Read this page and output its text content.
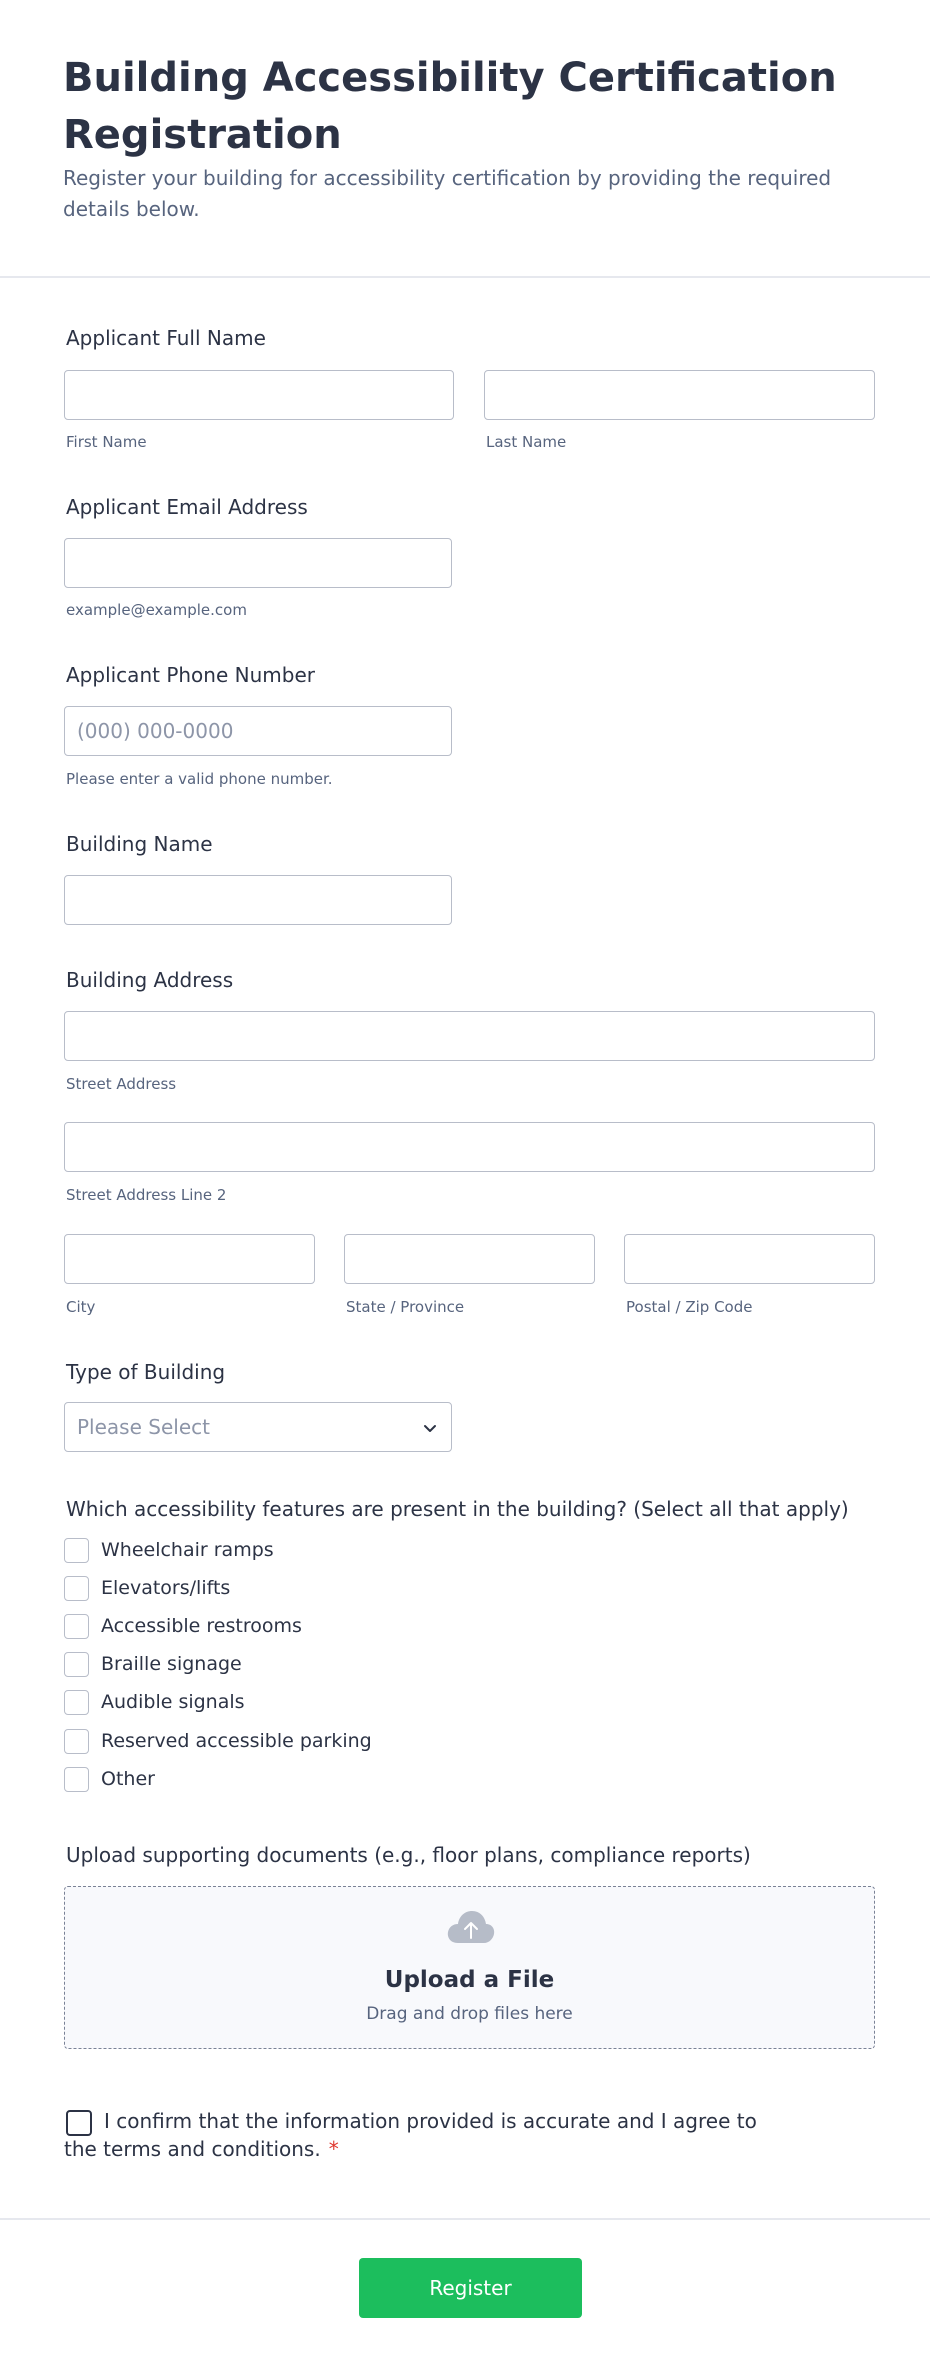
Building Accessibility Certification Registration

Register your building for accessibility certification by providing the required details below.

Applicant Full Name
First Name	Last Name
Applicant Email Address
example@example.com
Applicant Phone Number
(000) 000-0000
Please enter a valid phone number.
Building Name
Building Address
Street Address
Street Address Line 2
City	State / Province	Postal / Zip Code
Type of Building
Please Select
Which accessibility features are present in the building? (Select all that apply)
Wheelchair ramps
Elevators/lifts
Accessible restrooms
Braille signage
Audible signals
Reserved accessible parking
Other
Upload supporting documents (e.g., floor plans, compliance reports)
Upload a File
Drag and drop files here
I confirm that the information provided is accurate and I agree to the terms and conditions. *
Register
